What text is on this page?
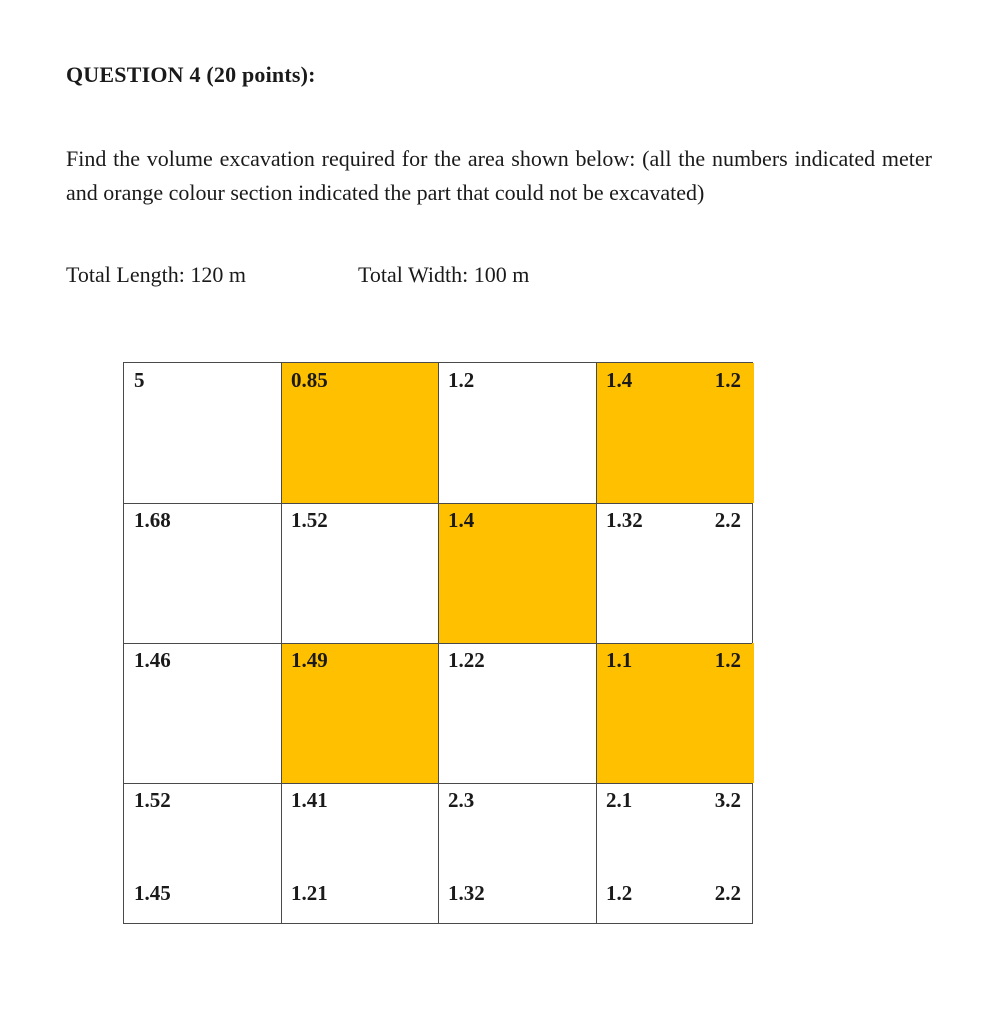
QUESTION 4 (20 points):
Find the volume excavation required for the area shown below: (all the numbers indicated meter and orange colour section indicated the part that could not be excavated)
Total Length: 120 m	Total Width: 100 m
5	0.85	1.2	1.4	1.2
1.68	1.52	1.4	1.32	2.2
1.46	1.49	1.22	1.1	1.2
1.52	1.41	2.3	2.1	3.2
1.45	1.21	1.32	1.2	2.2
